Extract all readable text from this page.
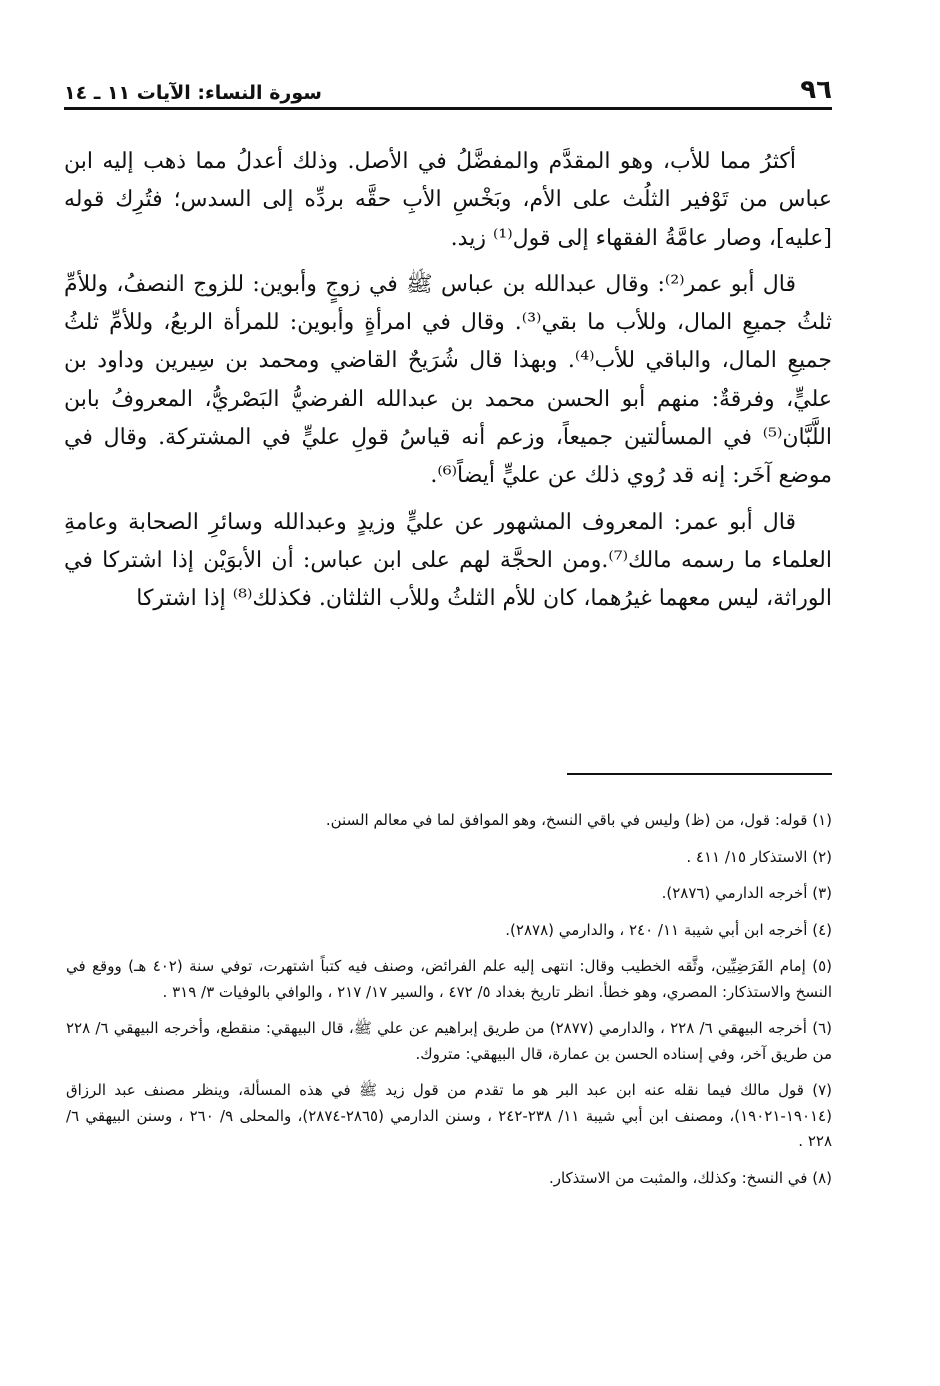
٩٦
سورة النساء: الآيات ١١ ـ ١٤

أكثرُ مما للأب، وهو المقدَّم والمفضَّلُ في الأصل. وذلك أعدلُ مما ذهب إليه ابن عباس من تَوْفير الثلُث على الأم، وبَخْسِ الأبِ حقَّه بردِّه إلى السدس؛ فتُرِك قوله [عليه]، وصار عامَّةُ الفقهاء إلى قول⁽¹⁾ زيد.

قال أبو عمر⁽²⁾: وقال عبدالله بن عباس ﷺ في زوجٍ وأبوين: للزوج النصفُ، وللأمِّ ثلثُ جميعِ المال، وللأب ما بقي⁽³⁾. وقال في امرأةٍ وأبوين: للمرأة الربعُ، وللأمِّ ثلثُ جميعِ المال، والباقي للأب⁽⁴⁾. وبهذا قال شُرَيحٌ القاضي ومحمد بن سِيرين وداود بن عليٍّ، وفرقةٌ: منهم أبو الحسن محمد بن عبدالله الفرضيُّ البَصْريُّ، المعروفُ بابن اللَّبَّان⁽⁵⁾ في المسألتين جميعاً، وزعم أنه قياسُ قولِ عليٍّ في المشتركة. وقال في موضع آخَر: إنه قد رُوي ذلك عن عليٍّ أيضاً⁽⁶⁾.

قال أبو عمر: المعروف المشهور عن عليٍّ وزيدٍ وعبدالله وسائرِ الصحابة وعامةِ العلماء ما رسمه مالك⁽⁷⁾.ومن الحجَّة لهم على ابن عباس: أن الأبوَيْن إذا اشتركا في الوراثة، ليس معهما غيرُهما، كان للأم الثلثُ وللأب الثلثان. فكذلك⁽⁸⁾ إذا اشتركا

(١) قوله: قول، من (ظ) وليس في باقي النسخ، وهو الموافق لما في معالم السنن.

(٢) الاستذكار ١٥/ ٤١١ .

(٣) أخرجه الدارمي (٢٨٧٦).

(٤) أخرجه ابن أبي شيبة ١١/ ٢٤٠ ، والدارمي (٢٨٧٨).

(٥) إمام الفَرَضِيِّين، وثَّقه الخطيب وقال: انتهى إليه علم الفرائض، وصنف فيه كتباً اشتهرت، توفي سنة (٤٠٢ هـ) ووقع في النسخ والاستذكار: المصري، وهو خطأ. انظر تاريخ بغداد ٥/ ٤٧٢ ، والسير ١٧/ ٢١٧ ، والوافي بالوفيات ٣/ ٣١٩ .

(٦) أخرجه البيهقي ٦/ ٢٢٨ ، والدارمي (٢٨٧٧) من طريق إبراهيم عن علي ﷺ، قال البيهقي: منقطع، وأخرجه البيهقي ٦/ ٢٢٨ من طريق آخر، وفي إسناده الحسن بن عمارة، قال البيهقي: متروك.

(٧) قول مالك فيما نقله عنه ابن عبد البر هو ما تقدم من قول زيد ﷺ في هذه المسألة، وينظر مصنف عبد الرزاق (١٩٠١٤-١٩٠٢١)، ومصنف ابن أبي شيبة ١١/ ٢٣٨-٢٤٢ ، وسنن الدارمي (٢٨٦٥-٢٨٧٤)، والمحلى ٩/ ٢٦٠ ، وسنن البيهقي ٦/ ٢٢٨ .

(٨) في النسخ: وكذلك، والمثبت من الاستذكار.
